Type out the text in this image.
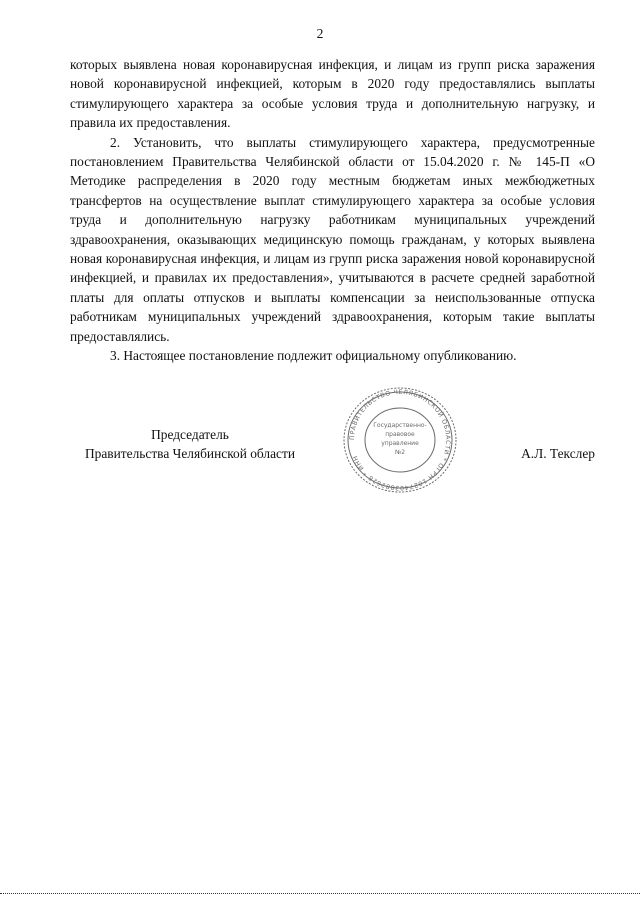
2

которых выявлена новая коронавирусная инфекция, и лицам из групп риска заражения новой коронавирусной инфекцией, которым в 2020 году предоставлялись выплаты стимулирующего характера за особые условия труда и дополнительную нагрузку, и правила их предоставления.

2. Установить, что выплаты стимулирующего характера, предусмотренные постановлением Правительства Челябинской области от 15.04.2020 г. № 145-П «О Методике распределения в 2020 году местным бюджетам иных межбюджетных трансфертов на осуществление выплат стимулирующего характера за особые условия труда и дополнительную нагрузку работникам муниципальных учреждений здравоохранения, оказывающих медицинскую помощь гражданам, у которых выявлена новая коронавирусная инфекция, и лицам из групп риска заражения новой коронавирусной инфекцией, и правилах их предоставления», учитываются в расчете средней заработной платы для оплаты отпусков и выплаты компенсации за неиспользованные отпуска работникам муниципальных учреждений здравоохранения, которым такие выплаты предоставлялись.

3. Настоящее постановление подлежит официальному опубликованию.

Председатель
Правительства Челябинской области	А.Л. Текслер
ПРАВИТЕЛЬСТВО ЧЕЛЯБИНСКОЙ ОБЛАСТИ * ОГРН 1027403882626 * ИНН
Государственно-
правовое
управление
№2
